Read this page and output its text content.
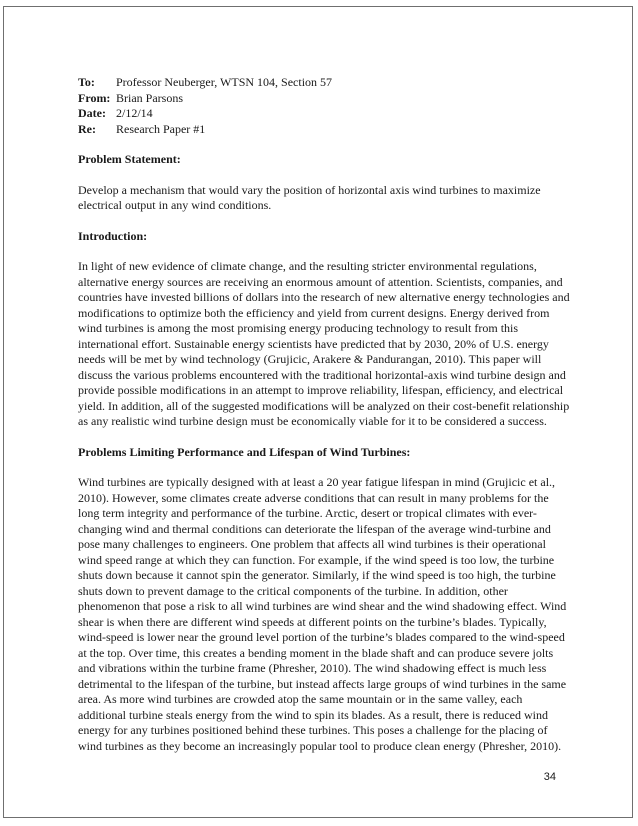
To:	Professor Neuberger, WTSN 104, Section 57
From: Brian Parsons
Date: 2/12/14
Re:	Research Paper #1
Problem Statement:

Develop a mechanism that would vary the position of horizontal axis wind turbines to maximize electrical output in any wind conditions.

Introduction:

In light of new evidence of climate change, and the resulting stricter environmental regulations, alternative energy sources are receiving an enormous amount of attention. Scientists, companies, and countries have invested billions of dollars into the research of new alternative energy technologies and modifications to optimize both the efficiency and yield from current designs. Energy derived from wind turbines is among the most promising energy producing technology to result from this international effort. Sustainable energy scientists have predicted that by 2030, 20% of U.S. energy needs will be met by wind technology (Grujicic, Arakere & Pandurangan, 2010). This paper will discuss the various problems encountered with the traditional horizontal-axis wind turbine design and provide possible modifications in an attempt to improve reliability, lifespan, efficiency, and electrical yield. In addition, all of the suggested modifications will be analyzed on their cost-benefit relationship as any realistic wind turbine design must be economically viable for it to be considered a success.

Problems Limiting Performance and Lifespan of Wind Turbines:

Wind turbines are typically designed with at least a 20 year fatigue lifespan in mind (Grujicic et al., 2010). However, some climates create adverse conditions that can result in many problems for the long term integrity and performance of the turbine. Arctic, desert or tropical climates with ever-changing wind and thermal conditions can deteriorate the lifespan of the average wind-turbine and pose many challenges to engineers. One problem that affects all wind turbines is their operational wind speed range at which they can function. For example, if the wind speed is too low, the turbine shuts down because it cannot spin the generator. Similarly, if the wind speed is too high, the turbine shuts down to prevent damage to the critical components of the turbine. In addition, other phenomenon that pose a risk to all wind turbines are wind shear and the wind shadowing effect. Wind shear is when there are different wind speeds at different points on the turbine’s blades. Typically, wind-speed is lower near the ground level portion of the turbine’s blades compared to the wind-speed at the top. Over time, this creates a bending moment in the blade shaft and can produce severe jolts and vibrations within the turbine frame (Phresher, 2010). The wind shadowing effect is much less detrimental to the lifespan of the turbine, but instead affects large groups of wind turbines in the same area. As more wind turbines are crowded atop the same mountain or in the same valley, each additional turbine steals energy from the wind to spin its blades. As a result, there is reduced wind energy for any turbines positioned behind these turbines. This poses a challenge for the placing of wind turbines as they become an increasingly popular tool to produce clean energy (Phresher, 2010).

34
